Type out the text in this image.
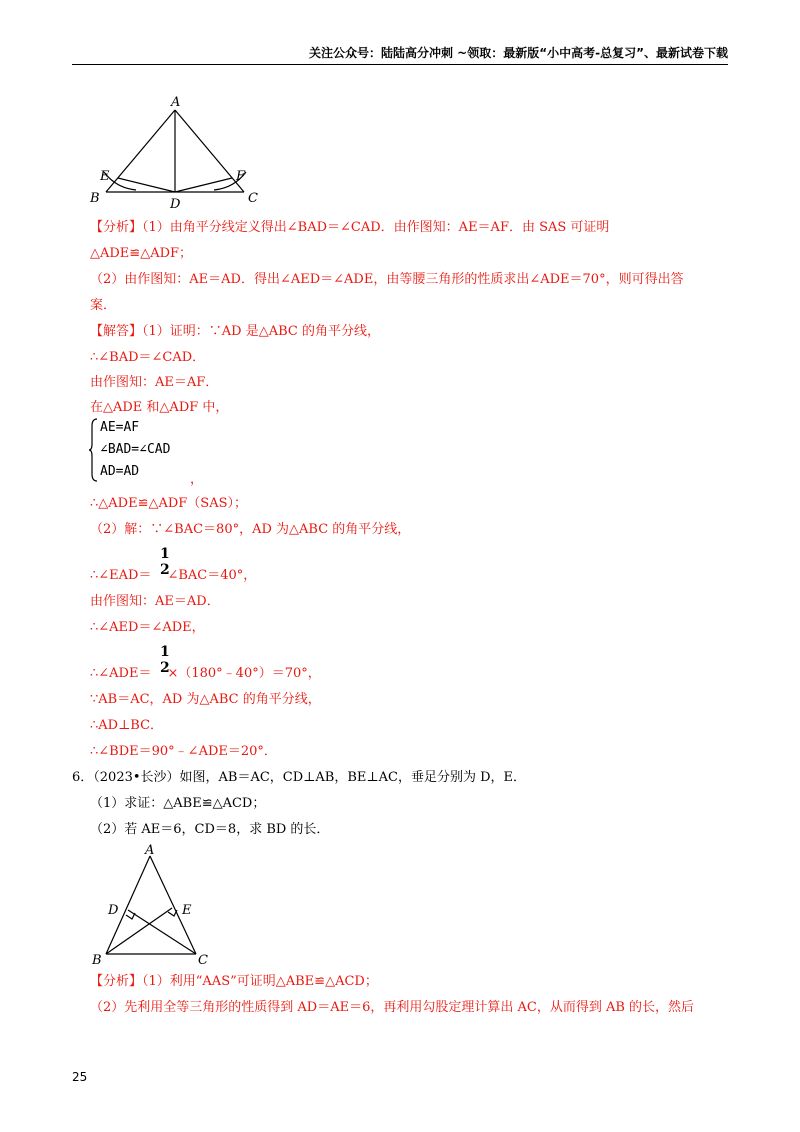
关注公众号：陆陆高分冲刺 ~领取：最新版“小中高考-总复习”、最新试卷下载
A
B	C
D
E	F
【分析】（1）由角平分线定义得出∠BAD＝∠CAD．由作图知：AE＝AF．由 SAS 可证明
△ADE≌△ADF；
（2）由作图知：AE＝AD．得出∠AED＝∠ADE，由等腰三角形的性质求出∠ADE＝70°，则可得出答
案．
【解答】（1）证明：∵AD 是△ABC 的角平分线，
∴∠BAD＝∠CAD．
由作图知：AE＝AF．
在△ADE 和△ADF 中，
AE=AF
∠BAD=∠CAD
AD=AD
，
∴△ADE≌△ADF（SAS）；
（2）解：∵∠BAC＝80°，AD 为△ABC 的角平分线，
∴∠EAD＝ ∠BAC＝40°，
1
2
由作图知：AE＝AD．
∴∠AED＝∠ADE，
∴∠ADE＝ ×（180°﹣40°）＝70°，
1
2
∵AB＝AC，AD 为△ABC 的角平分线，
∴AD⊥BC．
∴∠BDE＝90°﹣∠ADE＝20°．
6．（2023•长沙）如图，AB＝AC，CD⊥AB，BE⊥AC，垂足分别为 D，E．
（1）求证：△ABE≌△ACD；
（2）若 AE＝6，CD＝8，求 BD 的长．
A
B	C
D	E
【分析】（1）利用“AAS”可证明△ABE≌△ACD；
（2）先利用全等三角形的性质得到 AD＝AE＝6，再利用勾股定理计算出 AC，从而得到 AB 的长，然后
25
